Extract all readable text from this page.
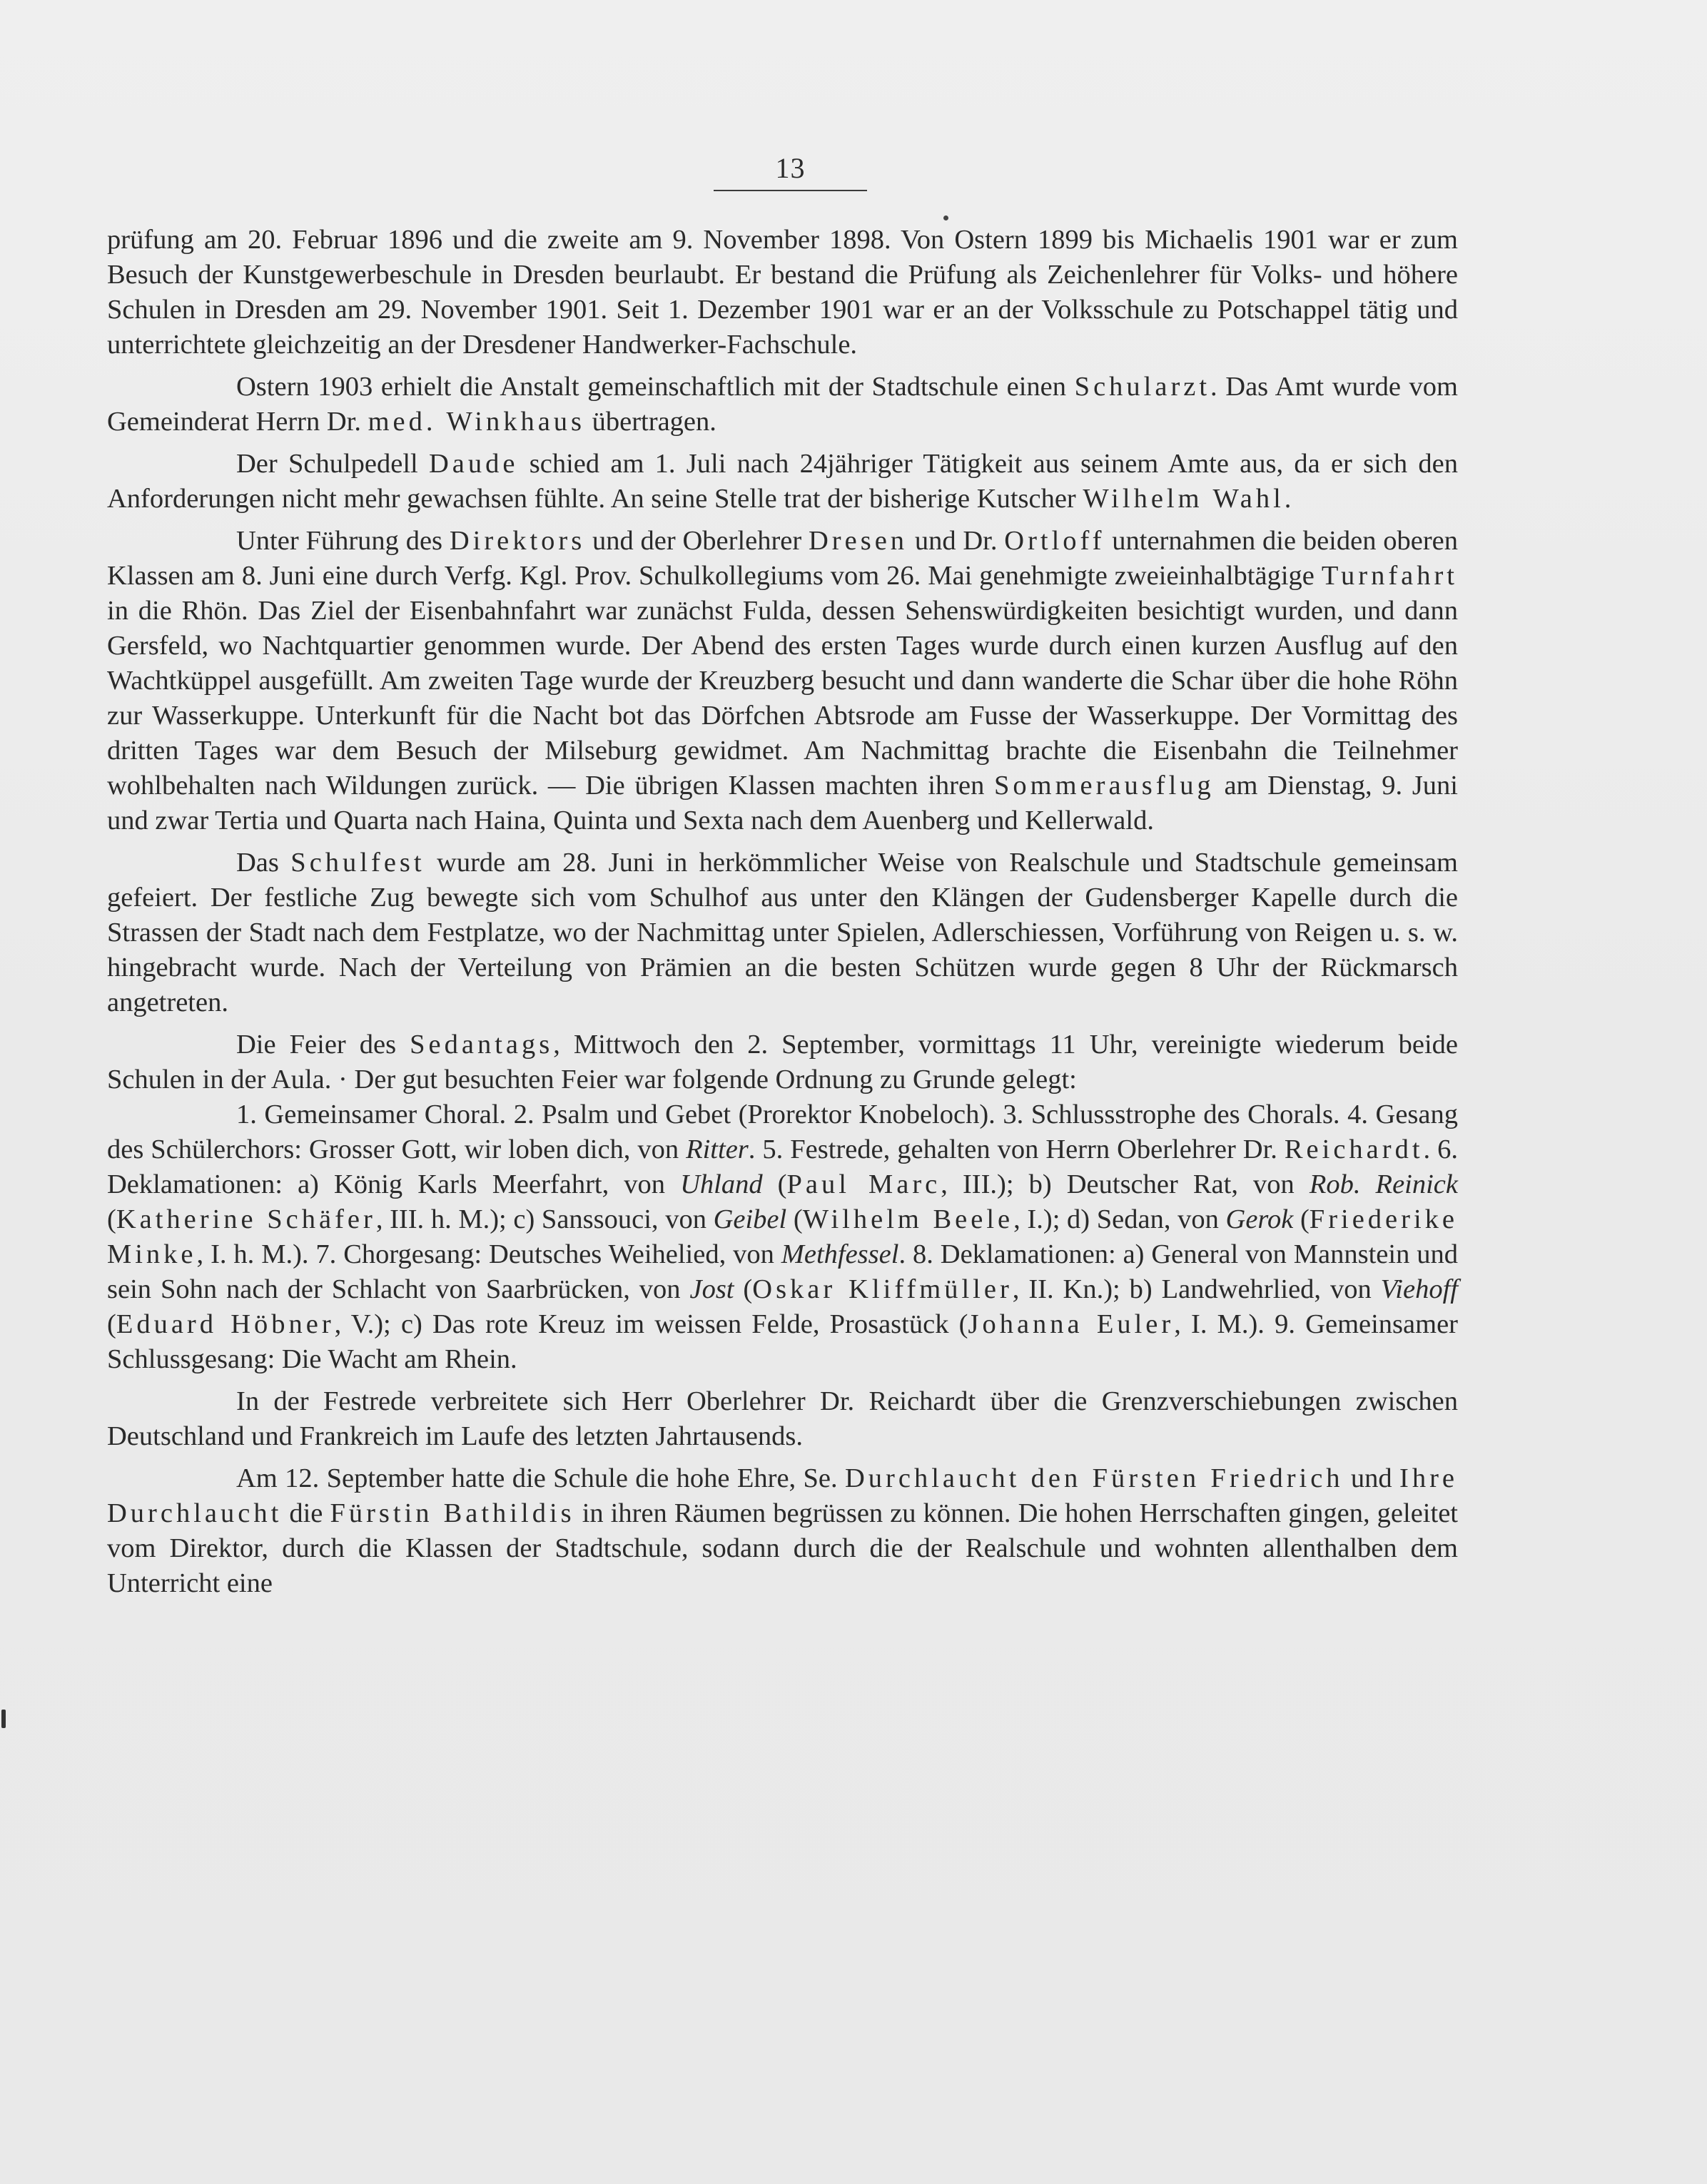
13

prüfung am 20. Februar 1896 und die zweite am 9. November 1898. Von Ostern 1899 bis Michaelis 1901 war er zum Besuch der Kunstgewerbeschule in Dresden beurlaubt. Er bestand die Prüfung als Zeichenlehrer für Volks- und höhere Schulen in Dresden am 29. November 1901. Seit 1. Dezember 1901 war er an der Volksschule zu Potschappel tätig und unterrichtete gleichzeitig an der Dresdener Handwerker-Fachschule.

Ostern 1903 erhielt die Anstalt gemeinschaftlich mit der Stadtschule einen Schularzt. Das Amt wurde vom Gemeinderat Herrn Dr. med. Winkhaus übertragen.

Der Schulpedell Daude schied am 1. Juli nach 24jähriger Tätigkeit aus seinem Amte aus, da er sich den Anforderungen nicht mehr gewachsen fühlte. An seine Stelle trat der bisherige Kutscher Wilhelm Wahl.

Unter Führung des Direktors und der Oberlehrer Dresen und Dr. Ortloff unternahmen die beiden oberen Klassen am 8. Juni eine durch Verfg. Kgl. Prov. Schulkollegiums vom 26. Mai genehmigte zweieinhalbtägige Turnfahrt in die Rhön. Das Ziel der Eisenbahnfahrt war zunächst Fulda, dessen Sehenswürdigkeiten besichtigt wurden, und dann Gersfeld, wo Nachtquartier genommen wurde. Der Abend des ersten Tages wurde durch einen kurzen Ausflug auf den Wachtküppel ausgefüllt. Am zweiten Tage wurde der Kreuzberg besucht und dann wanderte die Schar über die hohe Röhn zur Wasserkuppe. Unterkunft für die Nacht bot das Dörfchen Abtsrode am Fusse der Wasserkuppe. Der Vormittag des dritten Tages war dem Besuch der Milseburg gewidmet. Am Nachmittag brachte die Eisenbahn die Teilnehmer wohlbehalten nach Wildungen zurück. — Die übrigen Klassen machten ihren Sommerausflug am Dienstag, 9. Juni und zwar Tertia und Quarta nach Haina, Quinta und Sexta nach dem Auenberg und Kellerwald.

Das Schulfest wurde am 28. Juni in herkömmlicher Weise von Realschule und Stadtschule gemeinsam gefeiert. Der festliche Zug bewegte sich vom Schulhof aus unter den Klängen der Gudensberger Kapelle durch die Strassen der Stadt nach dem Festplatze, wo der Nachmittag unter Spielen, Adlerschiessen, Vorführung von Reigen u. s. w. hingebracht wurde. Nach der Verteilung von Prämien an die besten Schützen wurde gegen 8 Uhr der Rückmarsch angetreten.

Die Feier des Sedantags, Mittwoch den 2. September, vormittags 11 Uhr, vereinigte wiederum beide Schulen in der Aula. · Der gut besuchten Feier war folgende Ordnung zu Grunde gelegt:

1. Gemeinsamer Choral. 2. Psalm und Gebet (Prorektor Knobeloch). 3. Schlussstrophe des Chorals. 4. Gesang des Schülerchors: Grosser Gott, wir loben dich, von Ritter. 5. Festrede, gehalten von Herrn Oberlehrer Dr. Reichardt. 6. Deklamationen: a) König Karls Meerfahrt, von Uhland (Paul Marc, III.); b) Deutscher Rat, von Rob. Reinick (Katherine Schäfer, III. h. M.); c) Sanssouci, von Geibel (Wilhelm Beele, I.); d) Sedan, von Gerok (Friederike Minke, I. h. M.). 7. Chorgesang: Deutsches Weihelied, von Methfessel. 8. Deklamationen: a) General von Mannstein und sein Sohn nach der Schlacht von Saarbrücken, von Jost (Oskar Kliffmüller, II. Kn.); b) Landwehrlied, von Viehoff (Eduard Höbner, V.); c) Das rote Kreuz im weissen Felde, Prosastück (Johanna Euler, I. M.). 9. Gemeinsamer Schlussgesang: Die Wacht am Rhein.

In der Festrede verbreitete sich Herr Oberlehrer Dr. Reichardt über die Grenzverschiebungen zwischen Deutschland und Frankreich im Laufe des letzten Jahrtausends.

Am 12. September hatte die Schule die hohe Ehre, Se. Durchlaucht den Fürsten Friedrich und Ihre Durchlaucht die Fürstin Bathildis in ihren Räumen begrüssen zu können. Die hohen Herrschaften gingen, geleitet vom Direktor, durch die Klassen der Stadtschule, sodann durch die der Realschule und wohnten allenthalben dem Unterricht eine
